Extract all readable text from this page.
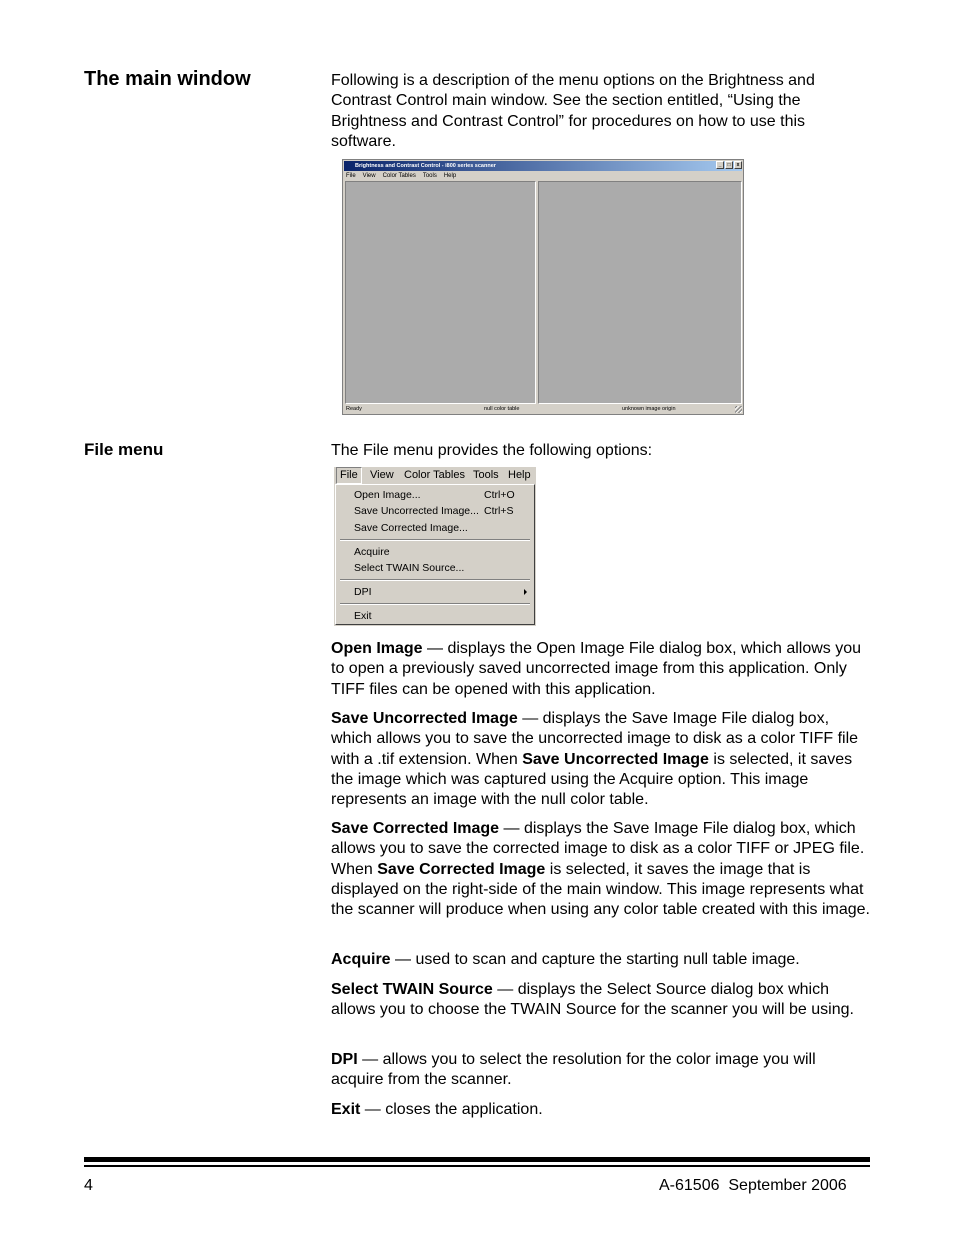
The main window	Following is a description of the menu options on the Brightness and Contrast Control main window. See the section entitled, “Using the Brightness and Contrast Control” for procedures on how to use this software.

Brightness and Contrast Control - i800 series scanner	_	□	x
File View Color Tables Tools Help
Ready	null color table	unknown image origin
File menu	The File menu provides the following options:

File	View Color Tables Tools Help
Open Image...	Ctrl+O
Save Uncorrected Image... Ctrl+S
Save Corrected Image...
Acquire
Select TWAIN Source...
DPI
Exit

Open Image — displays the Open Image File dialog box, which allows you to open a previously saved uncorrected image from this application. Only TIFF files can be opened with this application.

Save Uncorrected Image — displays the Save Image File dialog box, which allows you to save the uncorrected image to disk as a color TIFF file with a .tif extension. When Save Uncorrected Image is selected, it saves the image which was captured using the Acquire option. This image represents an image with the null color table.

Save Corrected Image — displays the Save Image File dialog box, which allows you to save the corrected image to disk as a color TIFF or JPEG file. When Save Corrected Image is selected, it saves the image that is displayed on the right-side of the main window. This image represents what the scanner will produce when using any color table created with this image.

Acquire — used to scan and capture the starting null table image.

Select TWAIN Source — displays the Select Source dialog box which allows you to choose the TWAIN Source for the scanner you will be using.

DPI — allows you to select the resolution for the color image you will acquire from the scanner.

Exit — closes the application.

4	A-61506  September 2006
